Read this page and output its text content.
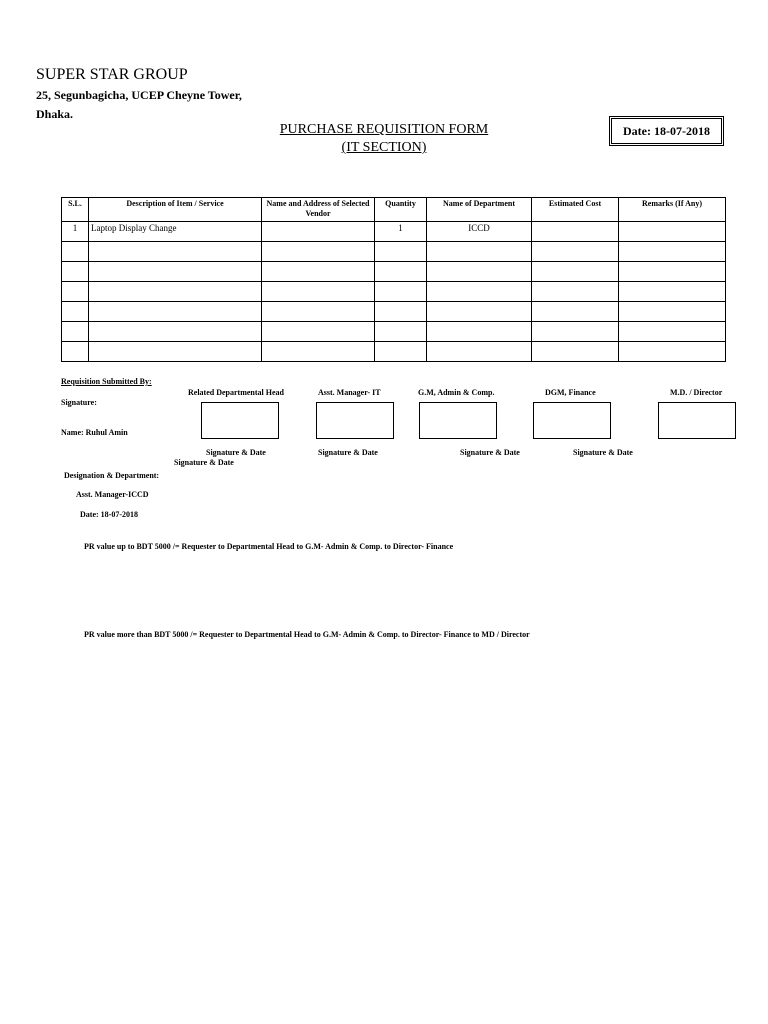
SUPER STAR GROUP
25, Segunbagicha, UCEP Cheyne Tower,
Dhaka.
PURCHASE REQUISITION FORM
(IT SECTION)
Date: 18-07-2018
S.L.	Description of Item / Service	Name and Address of Selected Vendor	Quantity	Name of Department	Estimated Cost	Remarks (If Any)
1	Laptop Display Change		1	ICCD		

Requisition Submitted By:
Signature:
Name: Ruhul Amin
Signature & Date
Designation & Department:
Asst. Manager-ICCD
Date: 18-07-2018
Related Departmental Head	Asst. Manager- IT	G.M, Admin & Comp.	DGM, Finance	M.D. / Director
Signature & Date	Signature & Date	Signature & Date	Signature & Date
PR value up to BDT 5000 /= Requester to Departmental Head to G.M- Admin & Comp. to Director- Finance
PR value more than BDT 5000 /= Requester to Departmental Head to G.M- Admin & Comp. to Director- Finance to MD / Director
